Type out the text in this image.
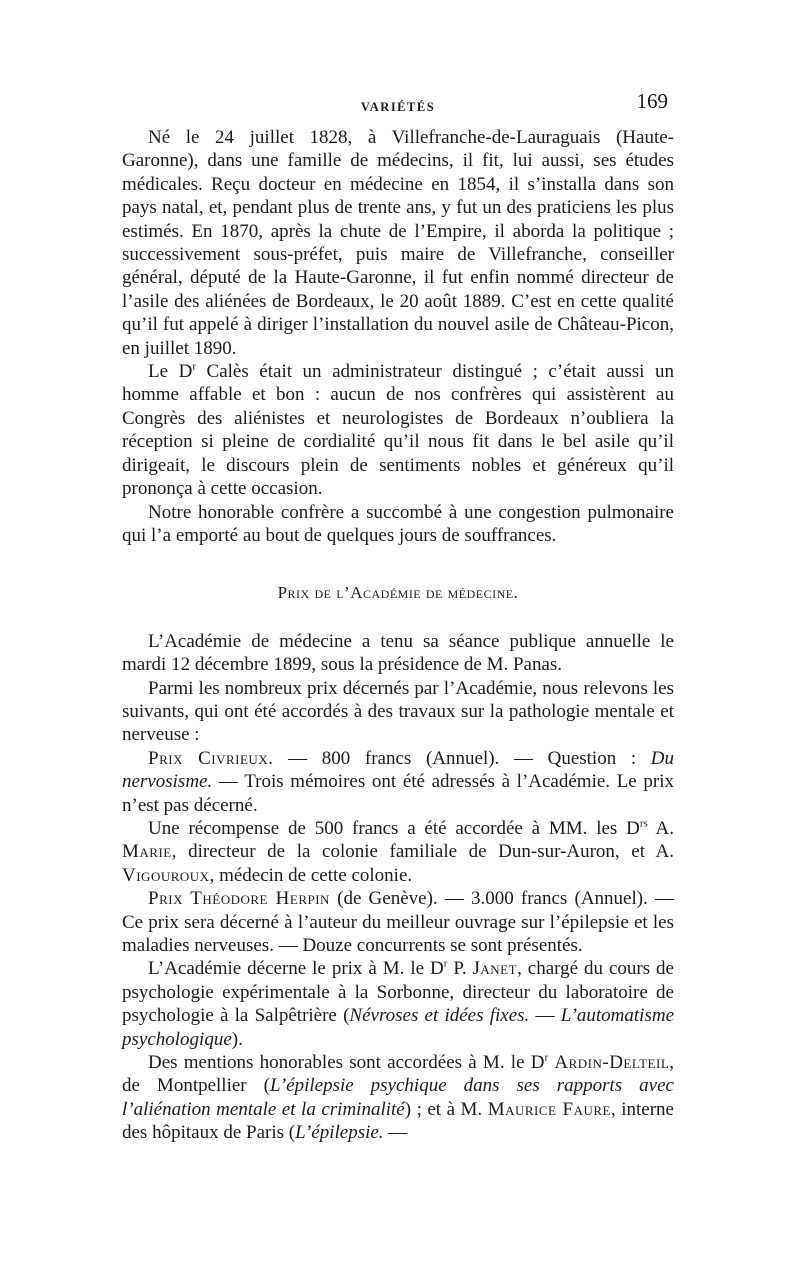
VARIÉTÉS	169

Né le 24 juillet 1828, à Villefranche-de-Lauraguais (Haute-Garonne), dans une famille de médecins, il fit, lui aussi, ses études médicales. Reçu docteur en médecine en 1854, il s’installa dans son pays natal, et, pendant plus de trente ans, y fut un des praticiens les plus estimés. En 1870, après la chute de l’Empire, il aborda la politique ; successivement sous-préfet, puis maire de Villefranche, conseiller général, député de la Haute-Garonne, il fut enfin nommé directeur de l’asile des aliénées de Bordeaux, le 20 août 1889. C’est en cette qualité qu’il fut appelé à diriger l’installation du nouvel asile de Château-Picon, en juillet 1890.

Le $D^r$ Calès était un administrateur distingué ; c’était aussi un homme affable et bon : aucun de nos confrères qui assistèrent au Congrès des aliénistes et neurologistes de Bordeaux n’oubliera la réception si pleine de cordialité qu’il nous fit dans le bel asile qu’il dirigeait, le discours plein de sentiments nobles et généreux qu’il prononça à cette occasion.

Notre honorable confrère a succombé à une congestion pulmonaire qui l’a emporté au bout de quelques jours de souffrances.

Prix de l’Académie de médecine.

L’Académie de médecine a tenu sa séance publique annuelle le mardi 12 décembre 1899, sous la présidence de M. Panas.

Parmi les nombreux prix décernés par l’Académie, nous relevons les suivants, qui ont été accordés à des travaux sur la pathologie mentale et nerveuse :

Prix Civrieux. — 800 francs (Annuel). — Question : Du nervosisme. — Trois mémoires ont été adressés à l’Académie. Le prix n’est pas décerné.

Une récompense de 500 francs a été accordée à MM. les $D^{rs}$ A. Marie, directeur de la colonie familiale de Dun-sur-Auron, et A. Vigouroux, médecin de cette colonie.

Prix Théodore Herpin (de Genève). — 3.000 francs (Annuel). — Ce prix sera décerné à l’auteur du meilleur ouvrage sur l’épilepsie et les maladies nerveuses. — Douze concurrents se sont présentés.

L’Académie décerne le prix à M. le $D^r$ P. Janet, chargé du cours de psychologie expérimentale à la Sorbonne, directeur du laboratoire de psychologie à la Salpêtrière (Névroses et idées fixes. — L’automatisme psychologique).

Des mentions honorables sont accordées à M. le $D^r$ Ardin-Delteil, de Montpellier (L’épilepsie psychique dans ses rapports avec l’aliénation mentale et la criminalité) ; et à M. Maurice Faure, interne des hôpitaux de Paris (L’épilepsie. —
